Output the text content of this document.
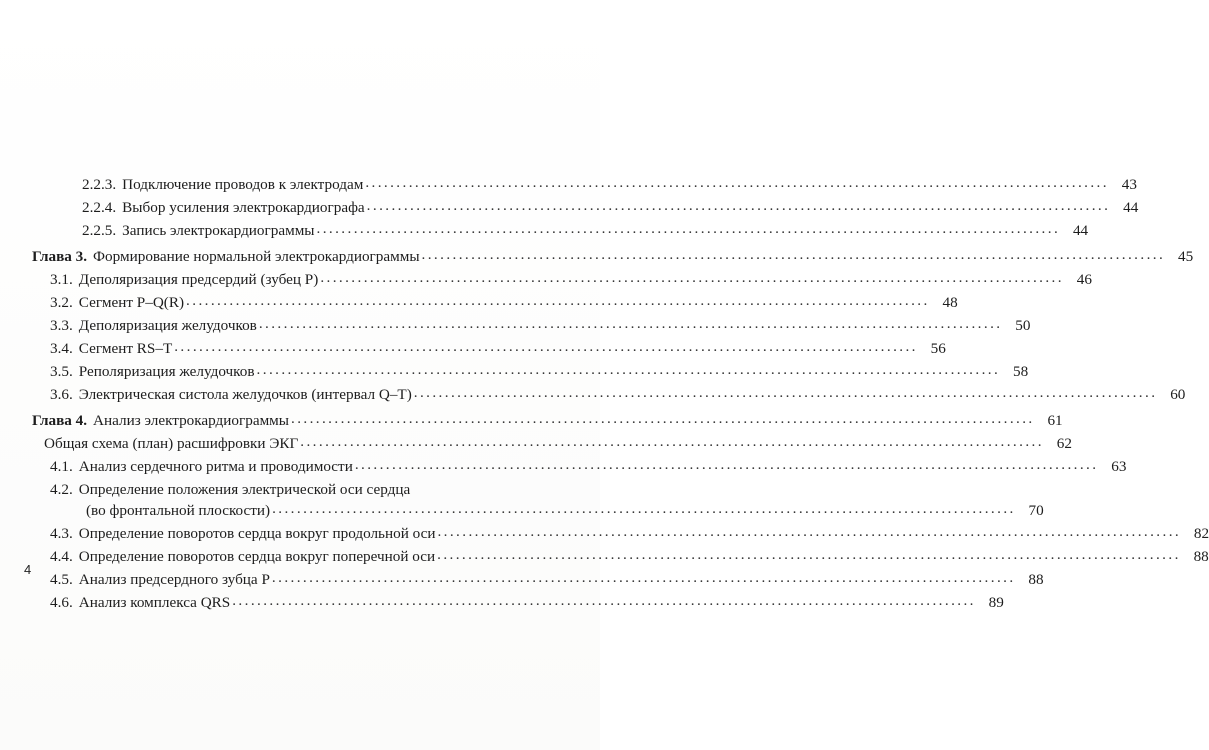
2.2.3. Подключение проводов к электродам ........................................................................................................................ 43
2.2.4. Выбор усиления электрокардиографа ........................................................................................................................ 44
2.2.5. Запись электрокардиограммы ........................................................................................................................ 44
Глава 3. Формирование нормальной электрокардиограммы ........................................................................................................................ 45
3.1. Деполяризация предсердий (зубец P) ........................................................................................................................ 46
3.2. Сегмент P–Q(R) ........................................................................................................................ 48
3.3. Деполяризация желудочков ........................................................................................................................ 50
3.4. Сегмент RS–T ........................................................................................................................ 56
3.5. Реполяризация желудочков ........................................................................................................................ 58
3.6. Электрическая систола желудочков (интервал Q–T) ........................................................................................................................ 60
Глава 4. Анализ электрокардиограммы ........................................................................................................................ 61
Общая схема (план) расшифровки ЭКГ ........................................................................................................................ 62
4.1. Анализ сердечного ритма и проводимости ........................................................................................................................ 63
4.2. Определение положения электрической оси сердца
(во фронтальной плоскости) ........................................................................................................................ 70
4.3. Определение поворотов сердца вокруг продольной оси ........................................................................................................................ 82
4.4. Определение поворотов сердца вокруг поперечной оси ........................................................................................................................ 88
4.5. Анализ предсердного зубца P ........................................................................................................................ 88
4.6. Анализ комплекса QRS ........................................................................................................................ 89
4
